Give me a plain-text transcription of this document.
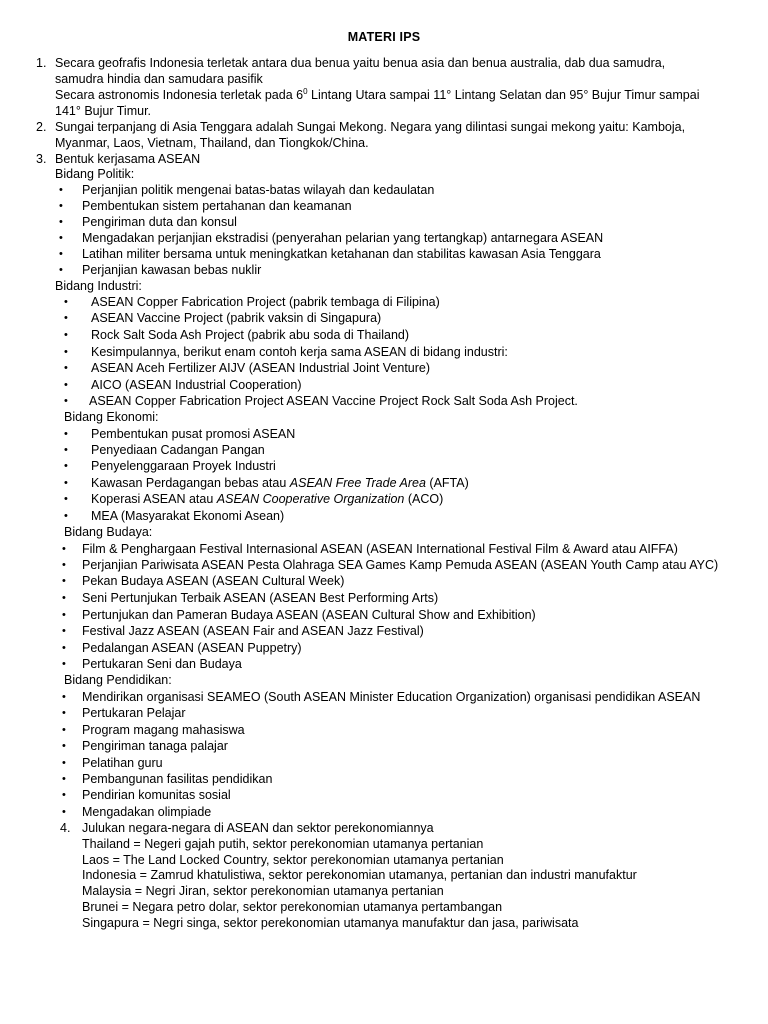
MATERI IPS
1. Secara geofrafis Indonesia terletak antara dua benua yaitu benua asia dan benua australia, dab dua samudra,
samudra hindia dan samudara pasifik
Secara astronomis Indonesia terletak pada $6^0$ Lintang Utara sampai 11° Lintang Selatan dan 95° Bujur Timur sampai
141° Bujur Timur.
2. Sungai terpanjang di Asia Tenggara adalah Sungai Mekong. Negara yang dilintasi sungai mekong yaitu: Kamboja,
Myanmar, Laos, Vietnam, Thailand, dan Tiongkok/China.
3. Bentuk kerjasama ASEAN
Bidang Politik:
• Perjanjian politik mengenai batas-batas wilayah dan kedaulatan
• Pembentukan sistem pertahanan dan keamanan
• Pengiriman duta dan konsul
• Mengadakan perjanjian ekstradisi (penyerahan pelarian yang tertangkap) antarnegara ASEAN
• Latihan militer bersama untuk meningkatkan ketahanan dan stabilitas kawasan Asia Tenggara
• Perjanjian kawasan bebas nuklir
Bidang Industri:
• ASEAN Copper Fabrication Project (pabrik tembaga di Filipina)
• ASEAN Vaccine Project (pabrik vaksin di Singapura)
• Rock Salt Soda Ash Project (pabrik abu soda di Thailand)
• Kesimpulannya, berikut enam contoh kerja sama ASEAN di bidang industri:
• ASEAN Aceh Fertilizer AIJV (ASEAN Industrial Joint Venture)
• AICO (ASEAN Industrial Cooperation)
• ASEAN Copper Fabrication Project ASEAN Vaccine Project Rock Salt Soda Ash Project.
Bidang Ekonomi:
• Pembentukan pusat promosi ASEAN
• Penyediaan Cadangan Pangan
• Penyelenggaraan Proyek Industri
• Kawasan Perdagangan bebas atau ASEAN Free Trade Area (AFTA)
• Koperasi ASEAN atau ASEAN Cooperative Organization (ACO)
• MEA (Masyarakat Ekonomi Asean)
Bidang Budaya:
• Film & Penghargaan Festival Internasional ASEAN (ASEAN International Festival Film & Award atau AIFFA)
• Perjanjian Pariwisata ASEAN Pesta Olahraga SEA Games Kamp Pemuda ASEAN (ASEAN Youth Camp atau AYC)
• Pekan Budaya ASEAN (ASEAN Cultural Week)
• Seni Pertunjukan Terbaik ASEAN (ASEAN Best Performing Arts)
• Pertunjukan dan Pameran Budaya ASEAN (ASEAN Cultural Show and Exhibition)
• Festival Jazz ASEAN (ASEAN Fair and ASEAN Jazz Festival)
• Pedalangan ASEAN (ASEAN Puppetry)
• Pertukaran Seni dan Budaya
Bidang Pendidikan:
• Mendirikan organisasi SEAMEO (South ASEAN Minister Education Organization) organisasi pendidikan ASEAN
• Pertukaran Pelajar
• Program magang mahasiswa
• Pengiriman tanaga palajar
• Pelatihan guru
• Pembangunan fasilitas pendidikan
• Pendirian komunitas sosial
• Mengadakan olimpiade
4. Julukan negara-negara di ASEAN dan sektor perekonomiannya
Thailand = Negeri gajah putih, sektor perekonomian utamanya pertanian
Laos = The Land Locked Country, sektor perekonomian utamanya pertanian
Indonesia = Zamrud khatulistiwa, sektor perekonomian utamanya, pertanian dan industri manufaktur
Malaysia = Negri Jiran, sektor perekonomian utamanya pertanian
Brunei = Negara petro dolar, sektor perekonomian utamanya pertambangan
Singapura = Negri singa, sektor perekonomian utamanya manufaktur dan jasa, pariwisata
